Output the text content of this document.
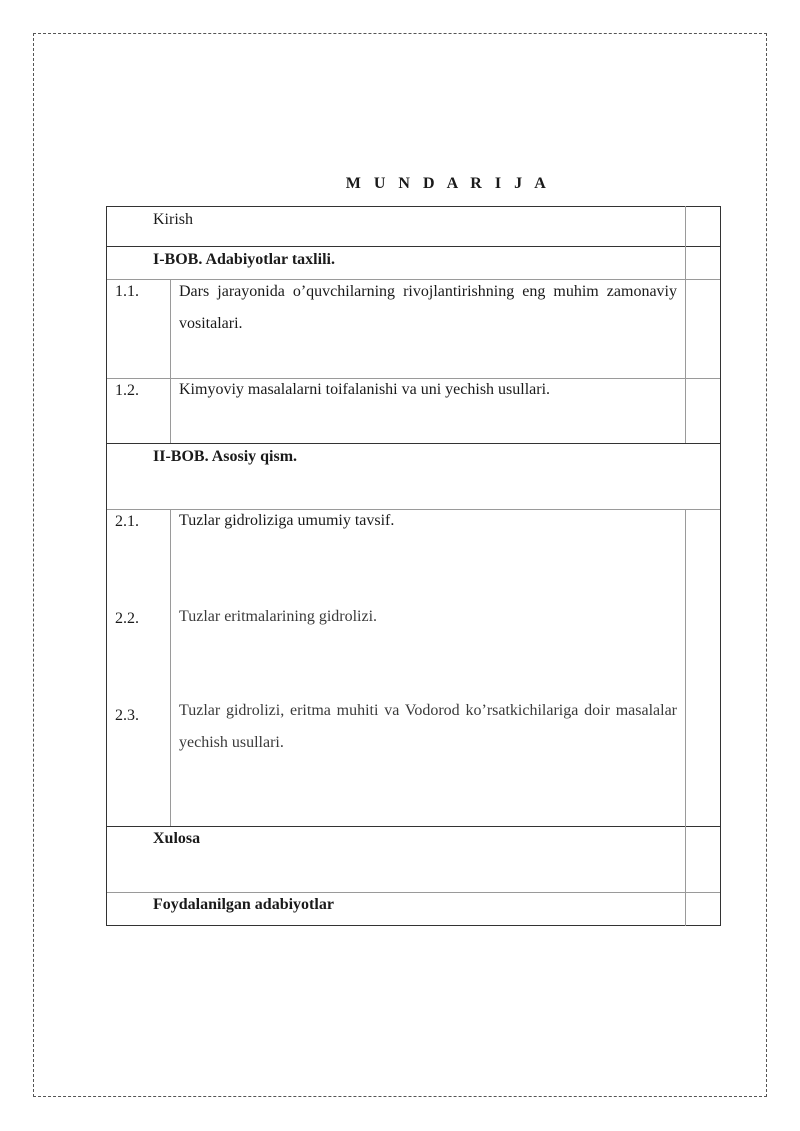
M U N D A R I J A
Kirish
I-BOB. Adabiyotlar taxlili.
1.1.	Dars jarayonida o’quvchilarning rivojlantirishning eng muhim zamonaviy vositalari.
1.2.	Kimyoviy masalalarni toifalanishi va uni yechish usullari.
II-BOB. Asosiy qism.
2.1.	Tuzlar gidroliziga umumiy tavsif.
2.2.	Tuzlar eritmalarining gidrolizi.
2.3.	Tuzlar gidrolizi, eritma muhiti va Vodorod ko’rsatkichilariga doir masalalar yechish usullari.
Xulosa
Foydalanilgan adabiyotlar
